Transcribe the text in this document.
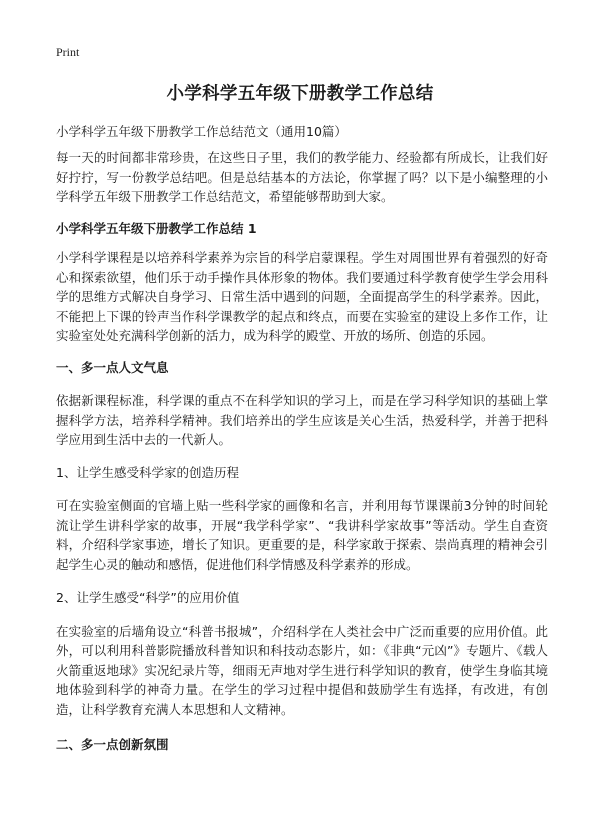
Print
小学科学五年级下册教学工作总结

小学科学五年级下册教学工作总结范文（通用10篇）

每一天的时间都非常珍贵，在这些日子里，我们的教学能力、经验都有所成长，让我们好好拧拧，写一份教学总结吧。但是总结基本的方法论，你掌握了吗？以下是小编整理的小学科学五年级下册教学工作总结范文，希望能够帮助到大家。

小学科学五年级下册教学工作总结 1

小学科学课程是以培养科学素养为宗旨的科学启蒙课程。学生对周围世界有着强烈的好奇心和探索欲望，他们乐于动手操作具体形象的物体。我们要通过科学教育使学生学会用科学的思维方式解决自身学习、日常生活中遇到的问题，全面提高学生的科学素养。因此，不能把上下课的铃声当作科学课教学的起点和终点，而要在实验室的建设上多作工作，让实验室处处充满科学创新的活力，成为科学的殿堂、开放的场所、创造的乐园。

一、多一点人文气息

依据新课程标准，科学课的重点不在科学知识的学习上，而是在学习科学知识的基础上掌握科学方法，培养科学精神。我们培养出的学生应该是关心生活，热爱科学，并善于把科学应用到生活中去的一代新人。

1、让学生感受科学家的创造历程

可在实验室侧面的官墙上贴一些科学家的画像和名言，并利用每节课课前3分钟的时间轮流让学生讲科学家的故事，开展“我学科学家”、“我讲科学家故事”等活动。学生自查资料，介绍科学家事迹，增长了知识。更重要的是，科学家敢于探索、崇尚真理的精神会引起学生心灵的触动和感悟，促进他们科学情感及科学素养的形成。

2、让学生感受“科学”的应用价值

在实验室的后墙角设立“科普书报城”，介绍科学在人类社会中广泛而重要的应用价值。此外，可以利用科普影院播放科普知识和科技动态影片，如：《非典“元凶”》专题片、《载人火箭重返地球》实况纪录片等，细雨无声地对学生进行科学知识的教育，使学生身临其境地体验到科学的神奇力量。在学生的学习过程中提倡和鼓励学生有选择，有改进，有创造，让科学教育充满人本思想和人文精神。

二、多一点创新氛围
